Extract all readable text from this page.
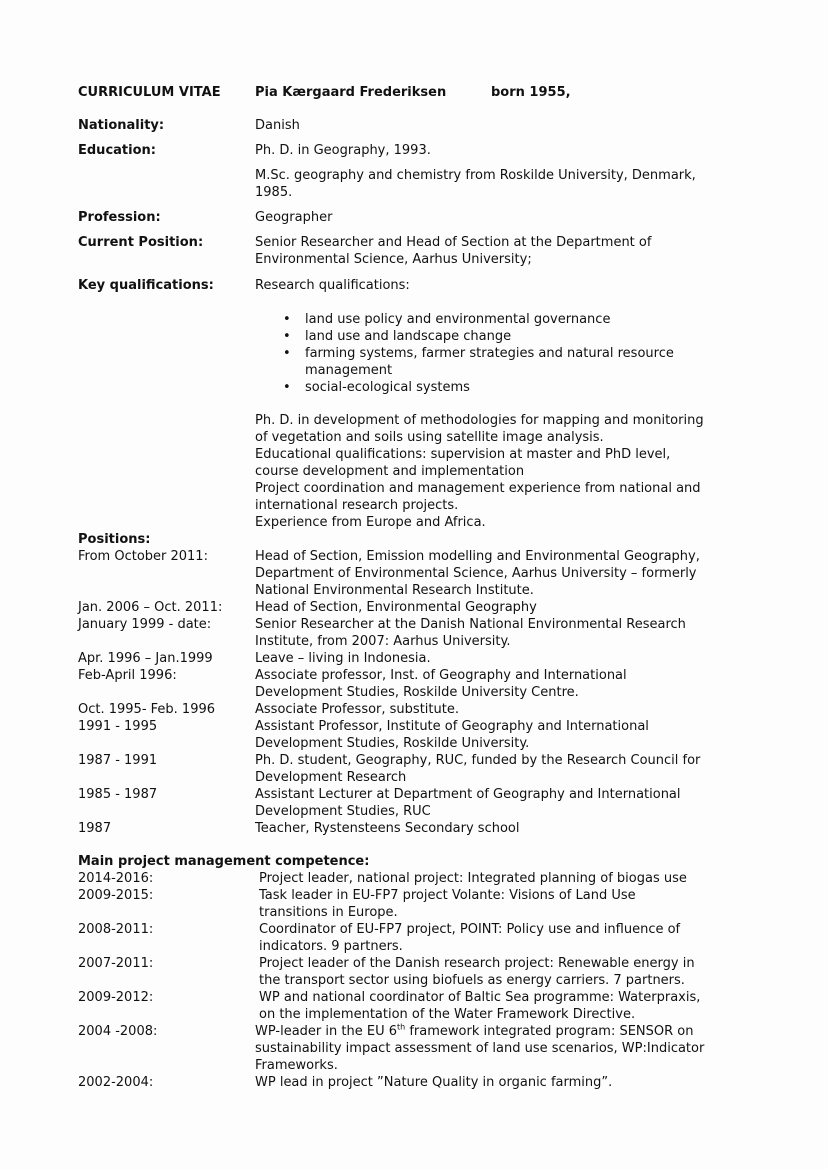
CURRICULUM VITAE	Pia Kærgaard Frederiksen	born 1955,
Nationality:	Danish
Education:	Ph. D. in Geography, 1993.
M.Sc. geography and chemistry from Roskilde University, Denmark,
1985.
Profession:	Geographer
Current Position:	Senior Researcher and Head of Section at the Department of
Environmental Science, Aarhus University;
Key qualifications:	Research qualifications:
land use policy and environmental governance
land use and landscape change
farming systems, farmer strategies and natural resource
management
social-ecological systems
Ph. D. in development of methodologies for mapping and monitoring
of vegetation and soils using satellite image analysis.
Educational qualifications: supervision at master and PhD level,
course development and implementation
Project coordination and management experience from national and
international research projects.
Experience from Europe and Africa.
Positions:
Main project management competence:
From October 2011:	Head of Section, Emission modelling and Environmental Geography,
Department of Environmental Science, Aarhus University – formerly
National Environmental Research Institute.
Jan. 2006 – Oct. 2011:	Head of Section, Environmental Geography
January 1999 - date:	Senior Researcher at the Danish National Environmental Research
Institute, from 2007: Aarhus University.
Apr. 1996 – Jan.1999	Leave – living in Indonesia.
Feb-April 1996:	Associate professor, Inst. of Geography and International
Development Studies, Roskilde University Centre.
Oct. 1995- Feb. 1996	Associate Professor, substitute.
1991 - 1995	Assistant Professor, Institute of Geography and International
Development Studies, Roskilde University.
1987 - 1991	Ph. D. student, Geography, RUC, funded by the Research Council for
Development Research
1985 - 1987	Assistant Lecturer at Department of Geography and International
Development Studies, RUC
1987	Teacher, Rystensteens Secondary school
2014-2016:	Project leader, national project: Integrated planning of biogas use
2009-2015:	Task leader in EU-FP7 project Volante: Visions of Land Use
transitions in Europe.
2008-2011:	Coordinator of EU-FP7 project, POINT: Policy use and influence of
indicators. 9 partners.
2007-2011:	Project leader of the Danish research project: Renewable energy in
the transport sector using biofuels as energy carriers. 7 partners.
2009-2012:	WP and national coordinator of Baltic Sea programme: Waterpraxis,
on the implementation of the Water Framework Directive.
2004 -2008:	WP-leader in the EU 6th framework integrated program: SENSOR on
sustainability impact assessment of land use scenarios, WP:Indicator
Frameworks.
2002-2004:	WP lead in project ”Nature Quality in organic farming”.
